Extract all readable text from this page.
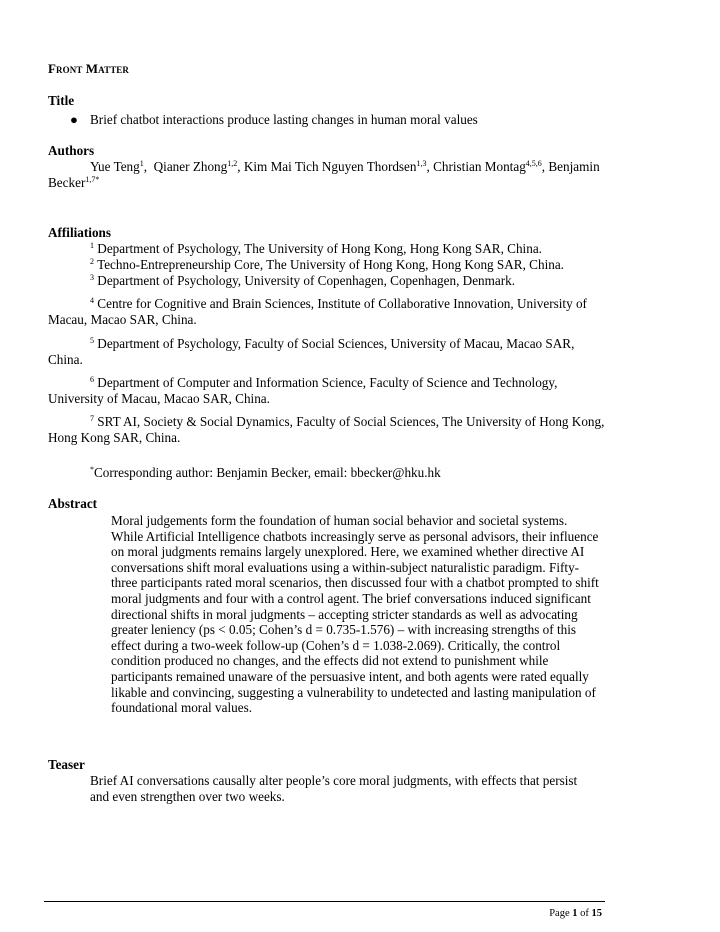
Front Matter
Title
● Brief chatbot interactions produce lasting changes in human moral values
Authors
Yue Teng$^1$,  Qianer Zhong$^{1,2}$, Kim Mai Tich Nguyen Thordsen$^{1,3}$, Christian Montag$^{4,5,6}$, Benjamin Becker$^{1,7*}$
Affiliations
$^1$ Department of Psychology, The University of Hong Kong, Hong Kong SAR, China.
$^2$ Techno-Entrepreneurship Core, The University of Hong Kong, Hong Kong SAR, China.
$^3$ Department of Psychology, University of Copenhagen, Copenhagen, Denmark.
$^4$ Centre for Cognitive and Brain Sciences, Institute of Collaborative Innovation, University of Macau, Macao SAR, China.
$^5$ Department of Psychology, Faculty of Social Sciences, University of Macau, Macao SAR, China.
$^6$ Department of Computer and Information Science, Faculty of Science and Technology, University of Macau, Macao SAR, China.
$^7$ SRT AI, Society & Social Dynamics, Faculty of Social Sciences, The University of Hong Kong, Hong Kong SAR, China.
*Corresponding author: Benjamin Becker, email: bbecker@hku.hk
Abstract
Moral judgements form the foundation of human social behavior and societal systems. While Artificial Intelligence chatbots increasingly serve as personal advisors, their influence on moral judgments remains largely unexplored. Here, we examined whether directive AI conversations shift moral evaluations using a within-subject naturalistic paradigm. Fifty-three participants rated moral scenarios, then discussed four with a chatbot prompted to shift moral judgments and four with a control agent. The brief conversations induced significant directional shifts in moral judgments – accepting stricter standards as well as advocating greater leniency (ps < 0.05; Cohen’s d = 0.735-1.576) – with increasing strengths of this effect during a two-week follow-up (Cohen’s d = 1.038-2.069). Critically, the control condition produced no changes, and the effects did not extend to punishment while participants remained unaware of the persuasive intent, and both agents were rated equally likable and convincing, suggesting a vulnerability to undetected and lasting manipulation of foundational moral values.
Teaser
Brief AI conversations causally alter people’s core moral judgments, with effects that persist and even strengthen over two weeks.
Page 1 of 15
